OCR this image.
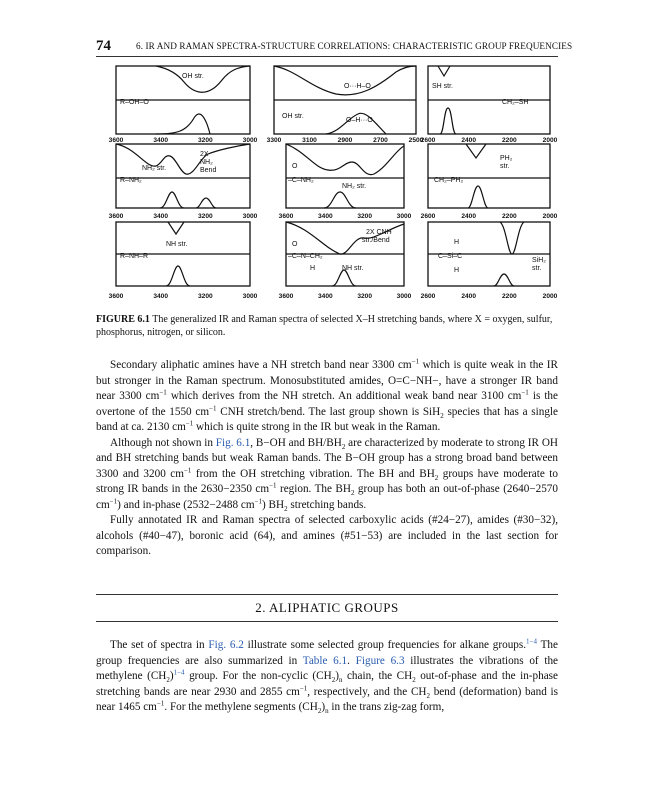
74	6. IR AND RAMAN SPECTRA-STRUCTURE CORRELATIONS: CHARACTERISTIC GROUP FREQUENCIES
OH str.
R–OH–O
OH str.
O···H–O
O–H···O
SH str.
CH₂–SH
NH₂ str.
2X
NH₂
Bend
R–NH₂
O
–C–NH₂
NH₂ str.
PH₂
str.
CH₂–PH₂
NH str.
R–NH–R
O
–C–N–CH₂
H	NH str.
2X CNH
str./Bend	H
C–Si–C
H
SiH₂
str.
3600	3400	3200	3000 3300	3100	2900	2700	2500
2600	2400	2200	2000
3600	3400	3200	3000	3600	3400	3200	3000 2600	2400	2200	2000
3600	3400	3200	3000	3600	3400	3200	3000 2600	2400	2200	2000
FIGURE 6.1 The generalized IR and Raman spectra of selected X–H stretching bands, where X = oxygen, sulfur, phosphorus, nitrogen, or silicon.

Secondary aliphatic amines have a NH stretch band near 3300 $cm^{-1}$ which is quite weak in the IR but stronger in the Raman spectrum. Monosubstituted amides, O=C−NH−, have a stronger IR band near 3300 $cm^{-1}$ which derives from the NH stretch. An additional weak band near 3100 $cm^{-1}$ is the overtone of the 1550 $cm^{-1}$ CNH stretch/bend. The last group shown is SiH$_2$ species that has a single band at ca. 2130 $cm^{-1}$ which is quite strong in the IR but weak in the Raman.

Although not shown in Fig. 6.1, B−OH and $BH/BH_2$ are characterized by moderate to strong IR OH and BH stretching bands but weak Raman bands. The B−OH group has a strong broad band between 3300 and 3200 $cm^{-1}$ from the OH stretching vibration. The BH and $BH_2$ groups have moderate to strong IR bands in the 2630−2350 $cm^{-1}$ region. The $BH_2$ group has both an out-of-phase (2640−2570 $cm^{-1}$) and in-phase (2532−2488 $cm^{-1}$) $BH_2$ stretching bands.

Fully annotated IR and Raman spectra of selected carboxylic acids (#24−27), amides (#30−32), alcohols (#40−47), boronic acid (64), and amines (#51−53) are included in the last section for comparison.

2. ALIPHATIC GROUPS

The set of spectra in Fig. 6.2 illustrate some selected group frequencies for alkane groups.$^{1-4}$ The group frequencies are also summarized in Table 6.1. Figure 6.3 illustrates the vibrations of the methylene $(CH_2)^{1-4}$ group. For the non-cyclic $(CH_2)_n$ chain, the $CH_2$ out-of-phase and the in-phase stretching bands are near 2930 and 2855 $cm^{-1}$, respectively, and the $CH_2$ bend (deformation) band is near 1465 $cm^{-1}$. For the methylene segments $(CH_2)_n$ in the trans zig-zag form,
